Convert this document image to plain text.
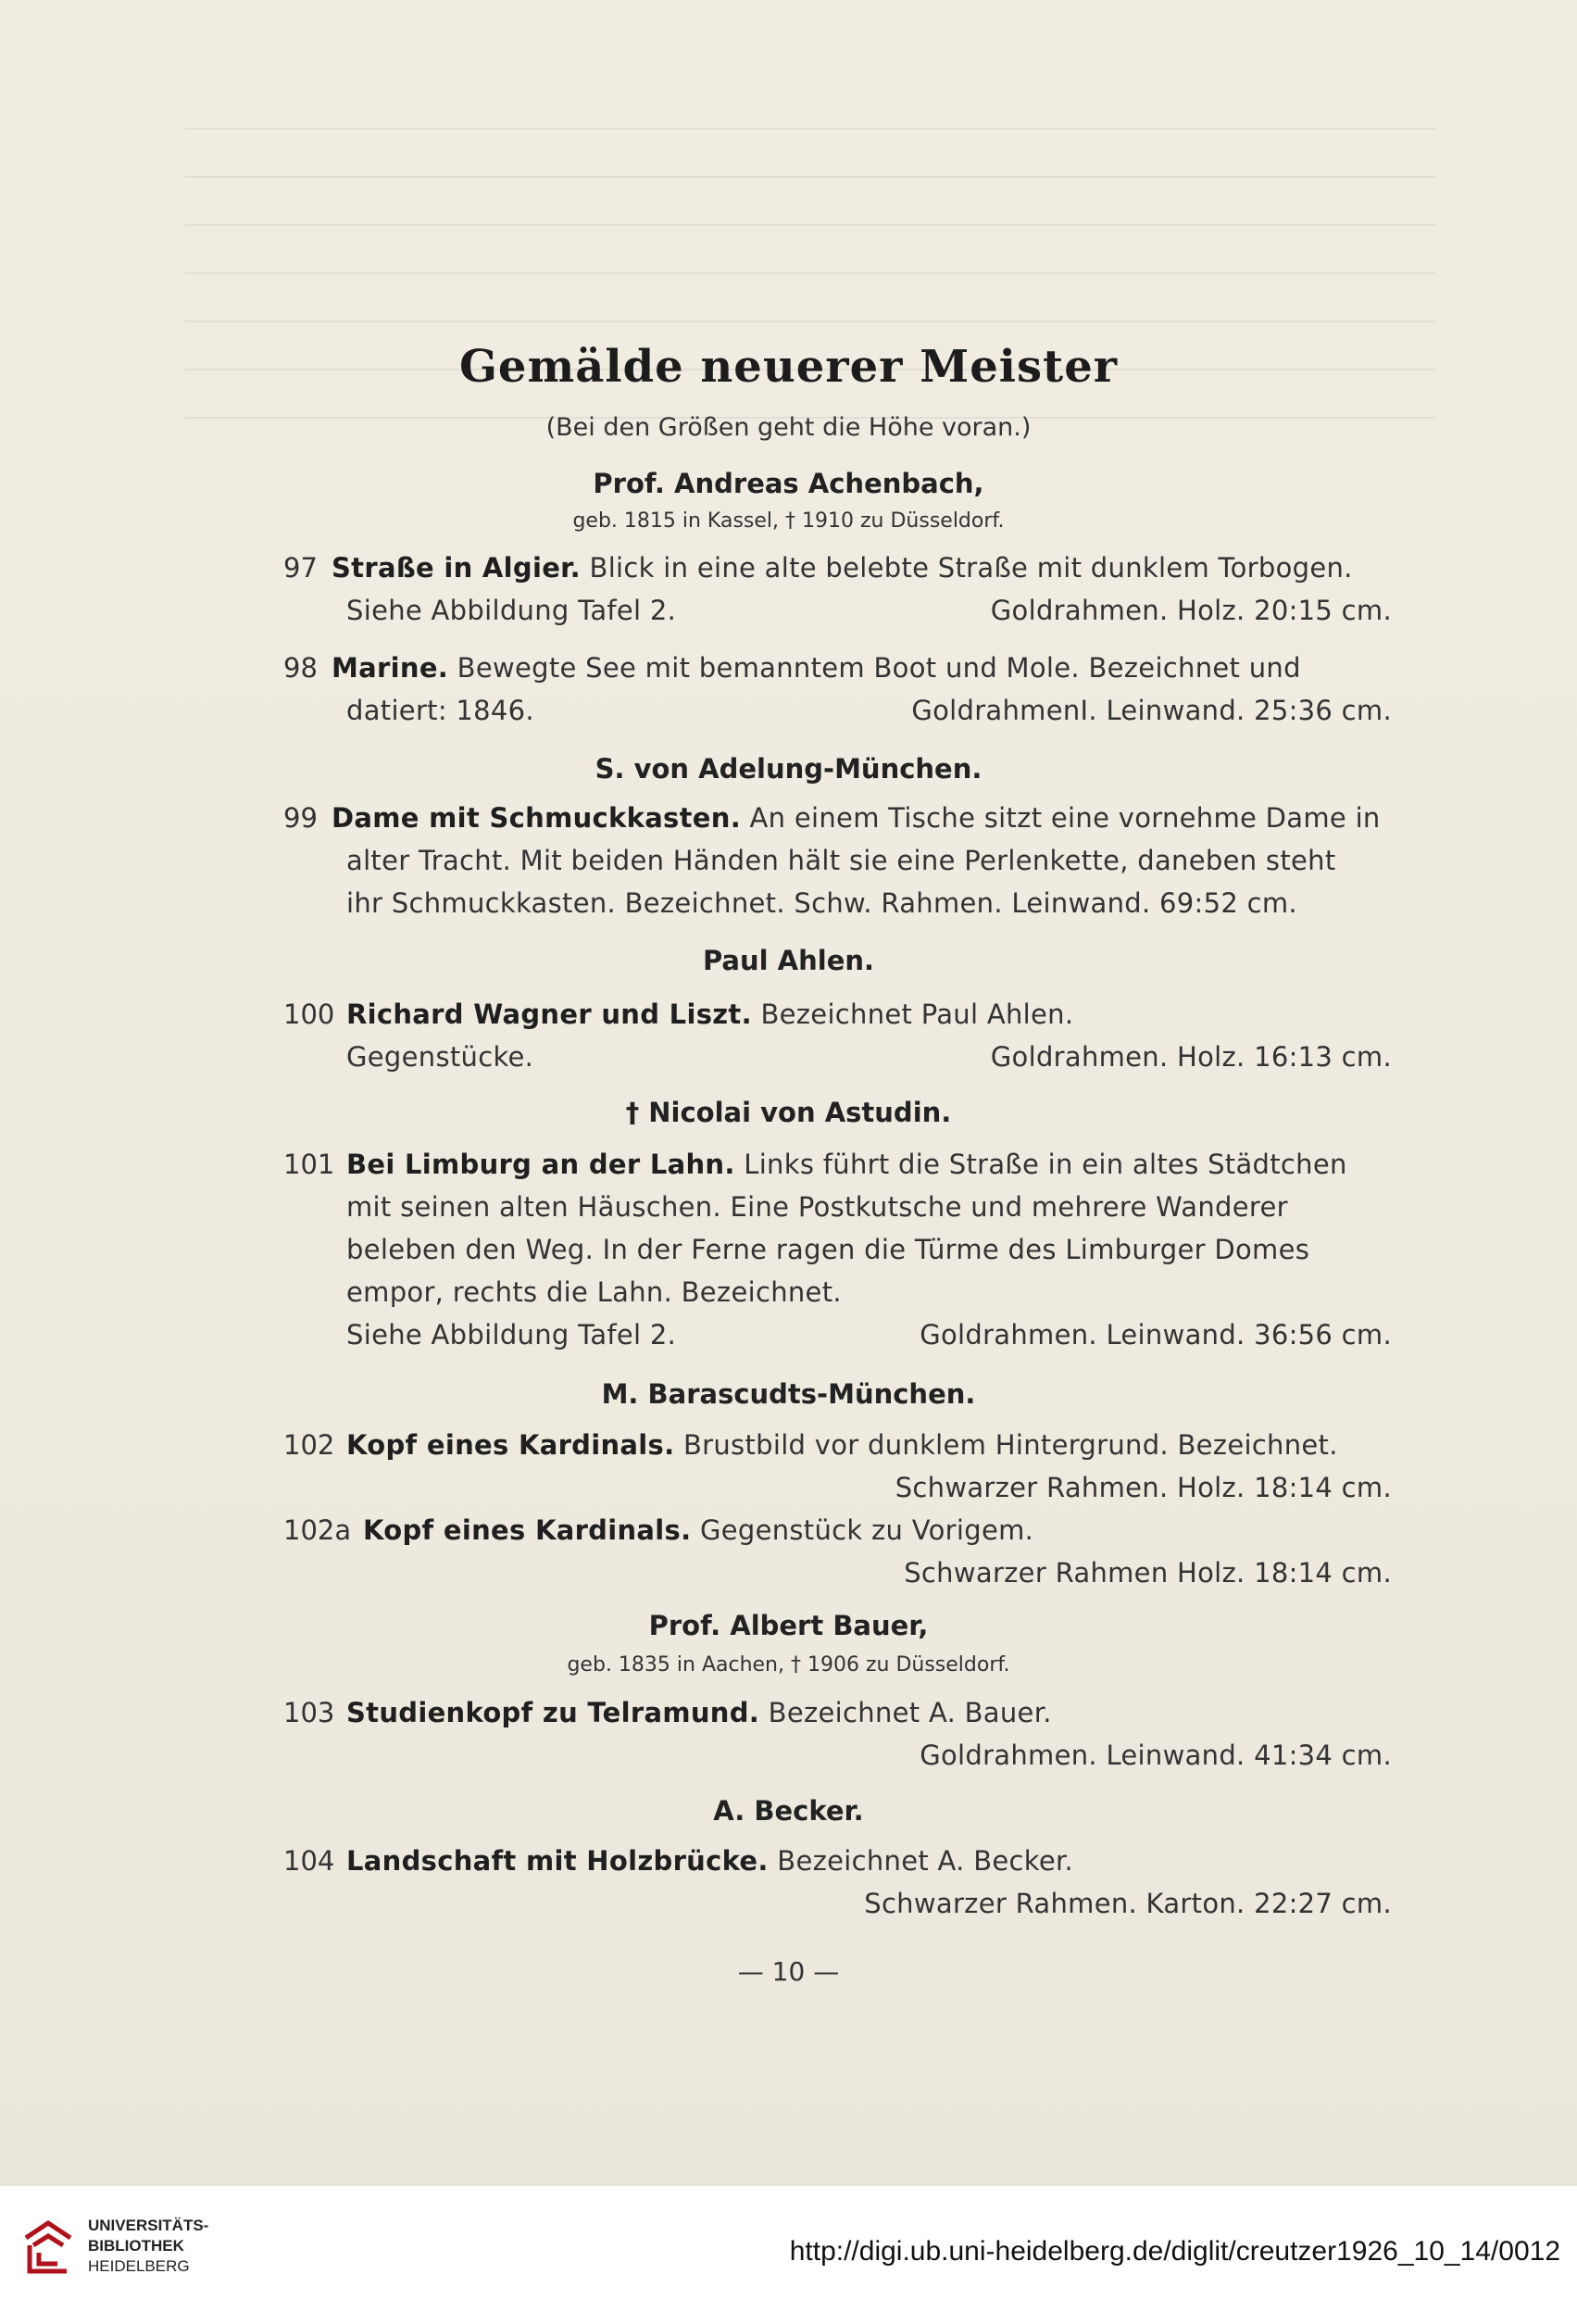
Gemälde neuerer Meister
(Bei den Größen geht die Höhe voran.)
Prof. Andreas Achenbach,
geb. 1815 in Kassel, † 1910 zu Düsseldorf.
97 Straße in Algier. Blick in eine alte belebte Straße mit dunklem Torbogen.
Siehe Abbildung Tafel 2.	Goldrahmen. Holz. 20:15 cm.
98 Marine. Bewegte See mit bemanntem Boot und Mole. Bezeichnet und
datiert: 1846.	GoldrahmenI. Leinwand. 25:36 cm.
S. von Adelung-München.
99 Dame mit Schmuckkasten. An einem Tische sitzt eine vornehme Dame in
alter Tracht. Mit beiden Händen hält sie eine Perlenkette, daneben steht
ihr Schmuckkasten. Bezeichnet. Schw. Rahmen. Leinwand. 69:52 cm.
Paul Ahlen.
100 Richard Wagner und Liszt. Bezeichnet Paul Ahlen.
Gegenstücke.	Goldrahmen. Holz. 16:13 cm.
† Nicolai von Astudin.
101 Bei Limburg an der Lahn. Links führt die Straße in ein altes Städtchen
mit seinen alten Häuschen. Eine Postkutsche und mehrere Wanderer
beleben den Weg. In der Ferne ragen die Türme des Limburger Domes
empor, rechts die Lahn. Bezeichnet.
Siehe Abbildung Tafel 2.	Goldrahmen. Leinwand. 36:56 cm.
M. Barascudts-München.
102 Kopf eines Kardinals. Brustbild vor dunklem Hintergrund. Bezeichnet.
Schwarzer Rahmen. Holz. 18:14 cm.
102a Kopf eines Kardinals. Gegenstück zu Vorigem.
Schwarzer Rahmen Holz. 18:14 cm.
Prof. Albert Bauer,
geb. 1835 in Aachen, † 1906 zu Düsseldorf.
103 Studienkopf zu Telramund. Bezeichnet A. Bauer.
Goldrahmen. Leinwand. 41:34 cm.
A. Becker.
104 Landschaft mit Holzbrücke. Bezeichnet A. Becker.
Schwarzer Rahmen. Karton. 22:27 cm.
— 10 —
UNIVERSITÄTS-
BIBLIOTHEK
HEIDELBERG	http://digi.ub.uni-heidelberg.de/diglit/creutzer1926_10_14/0012
